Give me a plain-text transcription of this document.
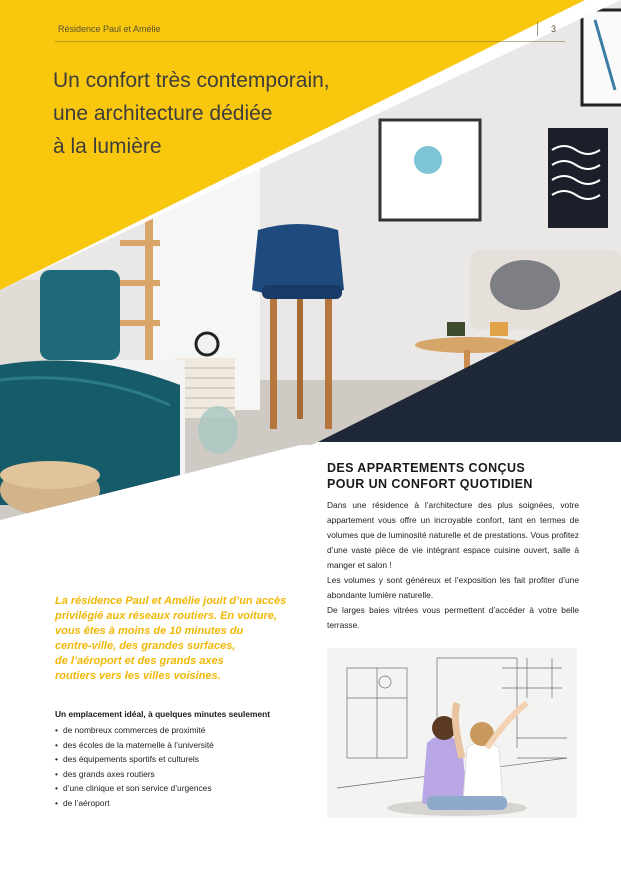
Résidence Paul et Amélie	3
Un confort très contemporain,
une architecture dédiée
à la lumière
DES APPARTEMENTS CONÇUS
POUR UN CONFORT QUOTIDIEN

Dans une résidence à l’architecture des plus soignées, votre appartement vous offre un incroyable confort, tant en termes de volumes que de luminosité naturelle et de prestations. Vous profitez d’une vaste pièce de vie intégrant espace cuisine ouvert, salle à manger et salon !

Les volumes y sont généreux et l’exposition les fait profiter d’une abondante lumière naturelle.

De larges baies vitrées vous permettent d’accéder à votre belle terrasse.

La résidence Paul et Amélie jouit d’un accès
privilégié aux réseaux routiers. En voiture,
vous êtes à moins de 10 minutes du
centre-ville, des grandes surfaces,
de l’aéroport et des grands axes
routiers vers les villes voisines.
Un emplacement idéal, à quelques minutes seulement
• de nombreux commerces de proximité
• des écoles de la maternelle à l’université
• des équipements sportifs et culturels
• des grands axes routiers
• d’une clinique et son service d’urgences
• de l’aéroport
